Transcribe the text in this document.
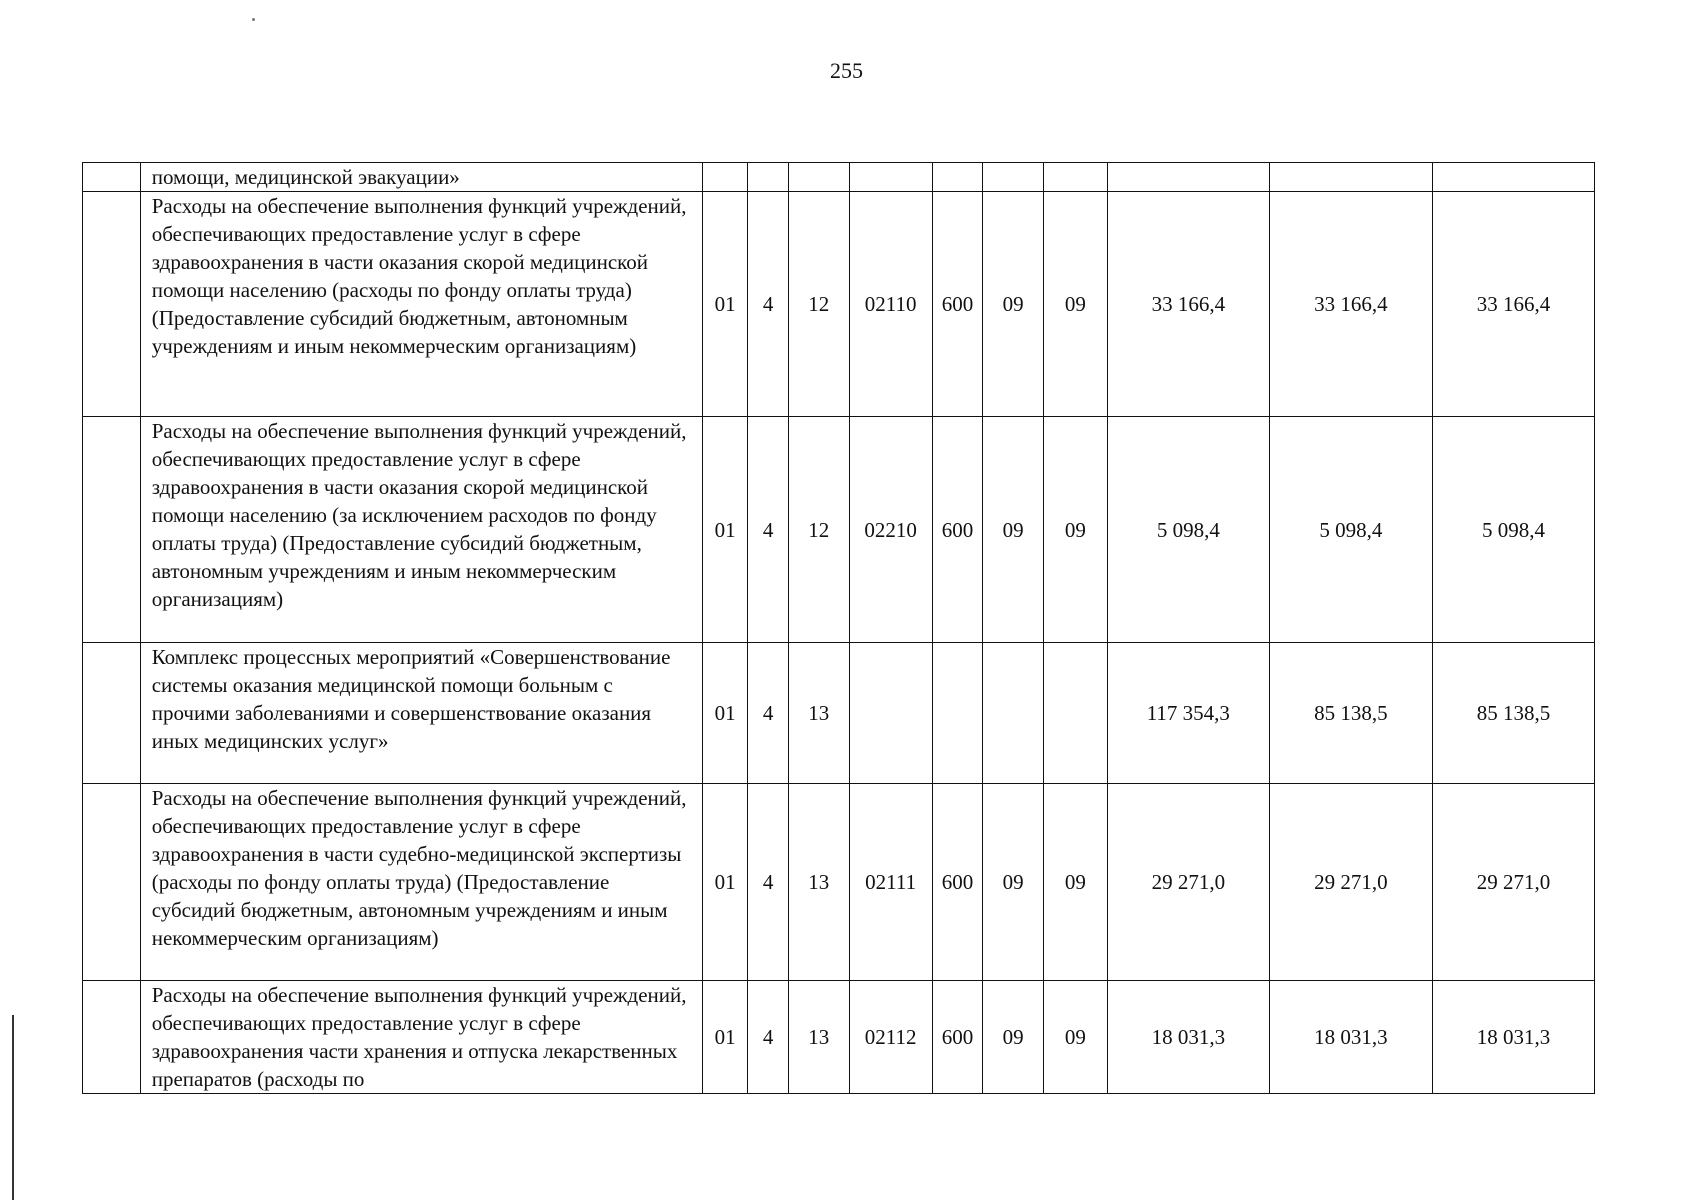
255
	помощи, медицинской эвакуации»										
	Расходы на обеспечение выполнения функций учреждений, обеспечивающих предоставление услуг в сфере здравоохранения в части оказания скорой медицинской помощи населению (расходы по фонду оплаты труда) (Предоставление субсидий бюджетным, автономным учреждениям и иным некоммерческим организациям)	01	4	12	02110	600	09	09	33 166,4	33 166,4	33 166,4
	Расходы на обеспечение выполнения функций учреждений, обеспечивающих предоставление услуг в сфере здравоохранения в части оказания скорой медицинской помощи населению (за исключением расходов по фонду оплаты труда) (Предоставление субсидий бюджетным, автономным учреждениям и иным некоммерческим организациям)	01	4	12	02210	600	09	09	5 098,4	5 098,4	5 098,4
	Комплекс процессных мероприятий «Совершенствование системы оказания медицинской помощи больным с прочими заболеваниями и совершенствование оказания иных медицинских услуг»	01	4	13					117 354,3	85 138,5	85 138,5
	Расходы на обеспечение выполнения функций учреждений, обеспечивающих предоставление услуг в сфере здравоохранения в части судебно-медицинской экспертизы (расходы по фонду оплаты труда) (Предоставление субсидий бюджетным, автономным учреждениям и иным некоммерческим организациям)	01	4	13	02111	600	09	09	29 271,0	29 271,0	29 271,0
	Расходы на обеспечение выполнения функций учреждений, обеспечивающих предоставление услуг в сфере здравоохранения части хранения и отпуска лекарственных препаратов (расходы по	01	4	13	02112	600	09	09	18 031,3	18 031,3	18 031,3
